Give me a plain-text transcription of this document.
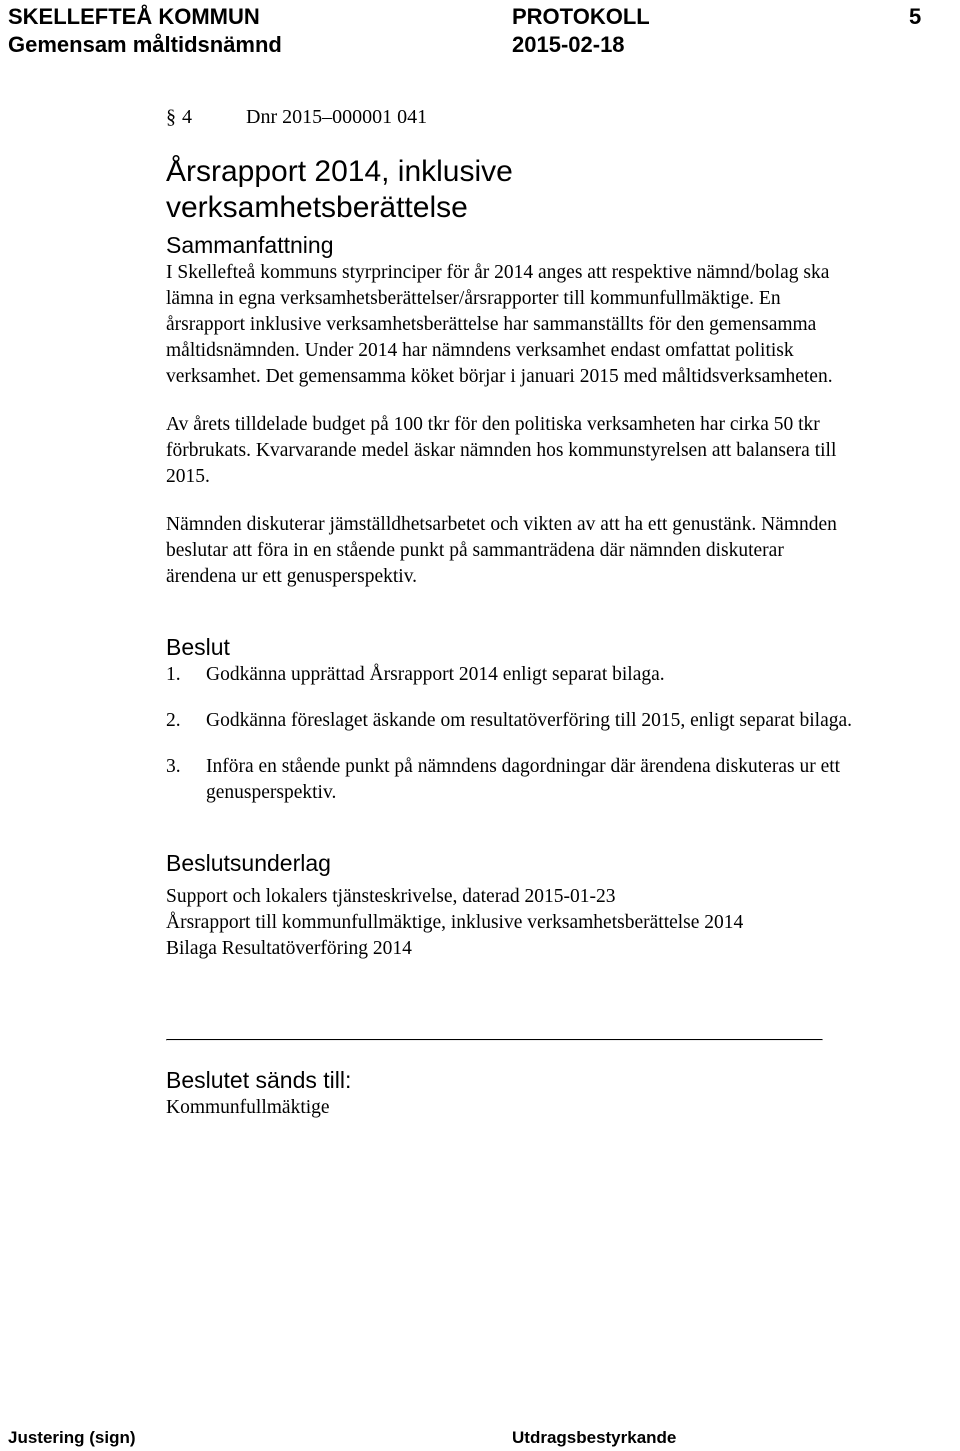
SKELLEFTEÅ KOMMUN
Gemensam måltidsnämnd
PROTOKOLL
2015-02-18
5
§ 4	Dnr 2015–000001 041
Årsrapport 2014, inklusive verksamhetsberättelse
Sammanfattning

I Skellefteå kommuns styrprinciper för år 2014 anges att respektive nämnd/bolag ska lämna in egna verksamhetsberättelser/årsrapporter till kommunfullmäktige. En årsrapport inklusive verksamhetsberättelse har sammanställts för den gemensamma måltidsnämnden. Under 2014 har nämndens verksamhet endast omfattat politisk verksamhet. Det gemensamma köket börjar i januari 2015 med måltidsverksamheten.

Av årets tilldelade budget på 100 tkr för den politiska verksamheten har cirka 50 tkr förbrukats. Kvarvarande medel äskar nämnden hos kommunstyrelsen att balansera till 2015.

Nämnden diskuterar jämställdhetsarbetet och vikten av att ha ett genustänk. Nämnden beslutar att föra in en stående punkt på sammanträdena där nämnden diskuterar ärendena ur ett genusperspektiv.

Beslut
1.	Godkänna upprättad Årsrapport 2014 enligt separat bilaga.
2.	Godkänna föreslaget äskande om resultatöverföring till 2015, enligt separat bilaga.
3.	Införa en stående punkt på nämndens dagordningar där ärendena diskuteras ur ett genusperspektiv.
Beslutsunderlag

Support och lokalers tjänsteskrivelse, daterad 2015-01-23

Årsrapport till kommunfullmäktige, inklusive verksamhetsberättelse 2014

Bilaga Resultatöverföring 2014

Beslutet sänds till:

Kommunfullmäktige

Justering (sign)	Utdragsbestyrkande
